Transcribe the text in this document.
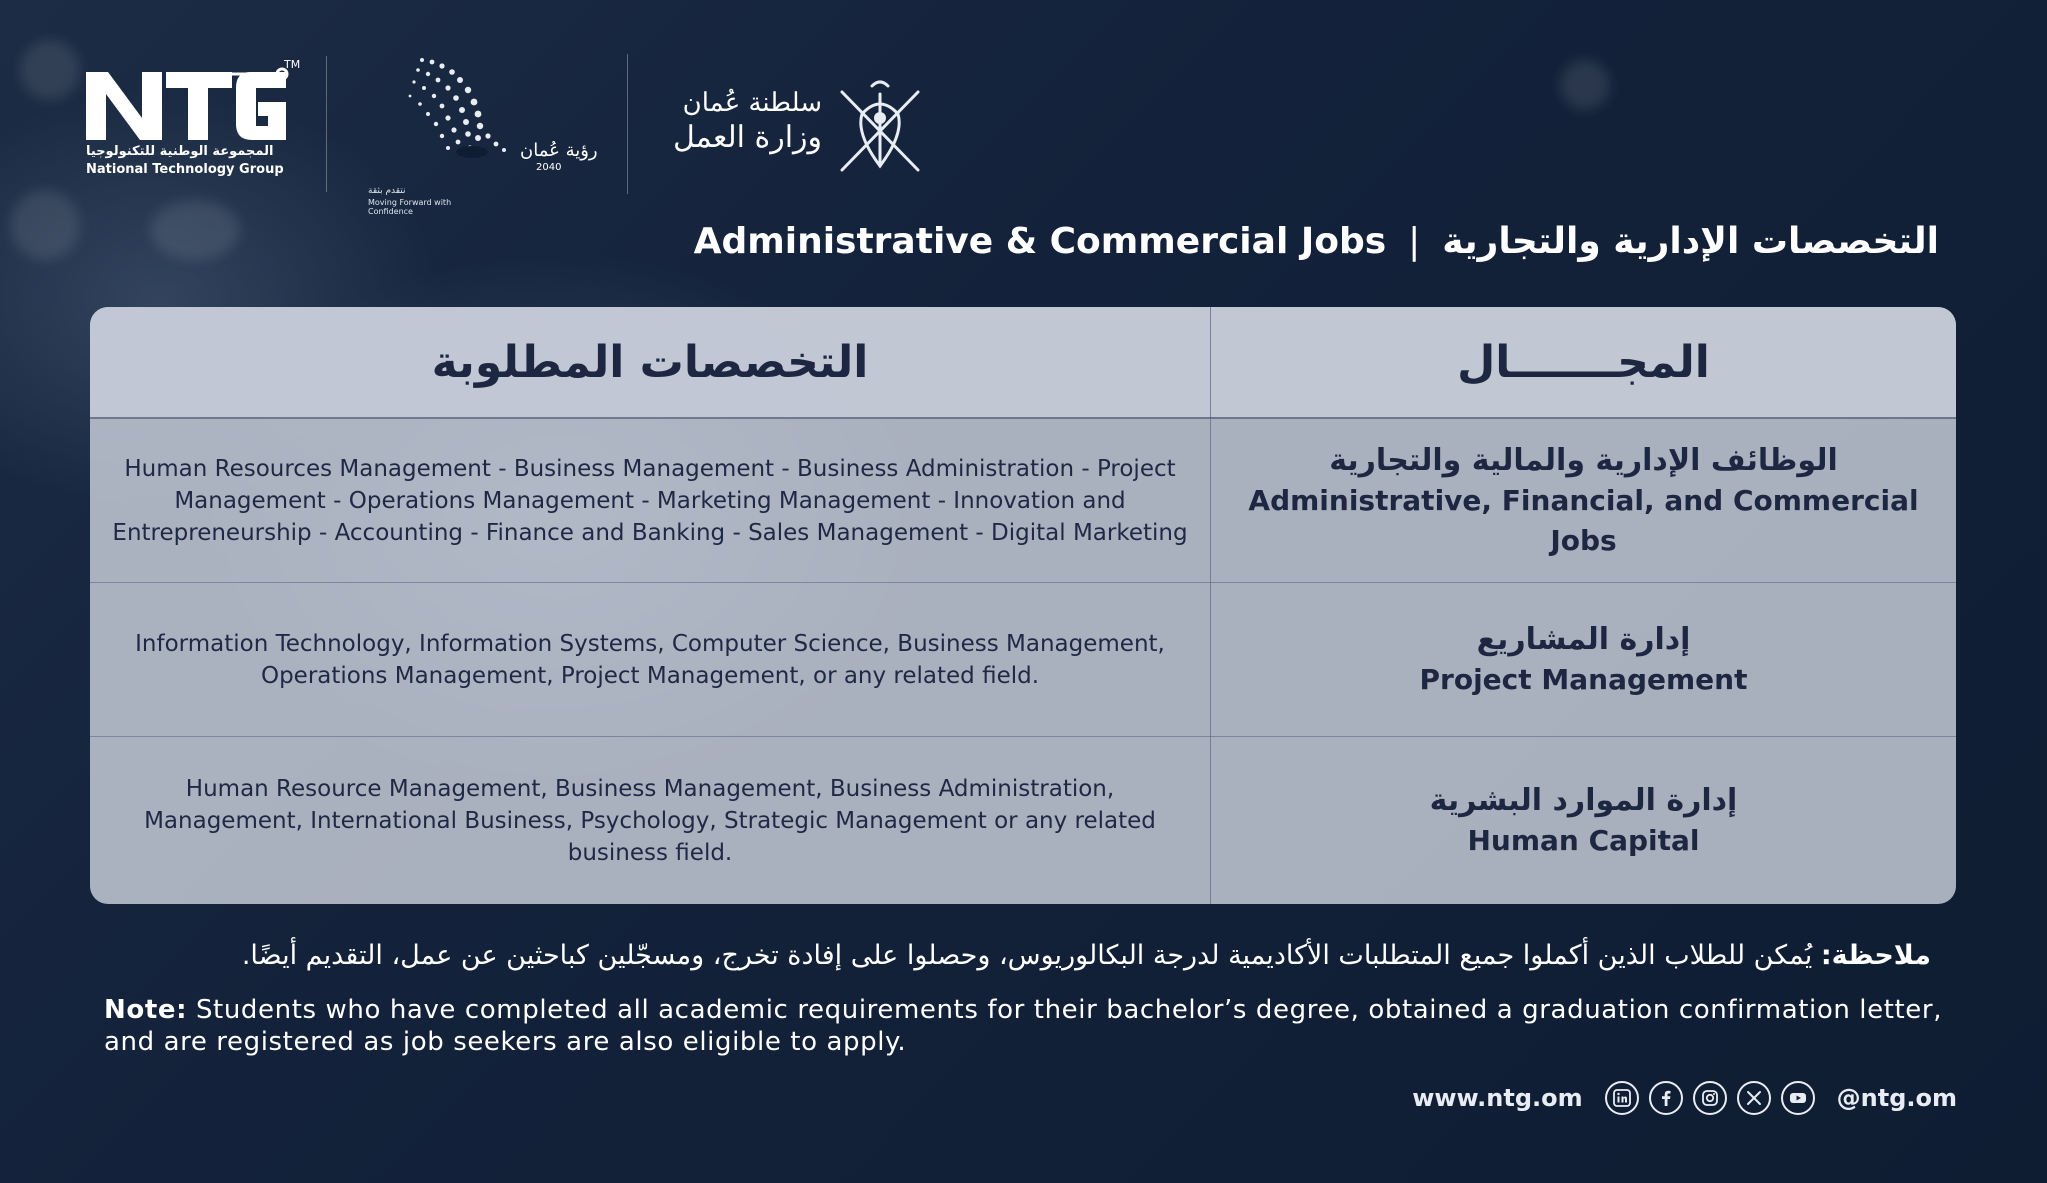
المجموعة الوطنية للتكنولوجيا
National Technology Group
TM
رؤية عُمان
2040
نتقدم بثقة
Moving Forward with Confidence
سلطنة عُمان
وزارة العمل
Administrative & Commercial Jobs | التخصصات الإدارية والتجارية
التخصصات المطلوبة	المجـــــــال
Human Resources Management - Business Management - Business Administration - Project Management - Operations Management - Marketing Management - Innovation and Entrepreneurship - Accounting - Finance and Banking - Sales Management - Digital Marketing
الوظائف الإدارية والمالية والتجارية
Administrative, Financial, and Commercial Jobs
Information Technology, Information Systems, Computer Science, Business Management, Operations Management, Project Management, or any related field.
إدارة المشاريع
Project Management
Human Resource Management, Business Management, Business Administration, Management, International Business, Psychology, Strategic Management or any related business field.
إدارة الموارد البشرية
Human Capital
ملاحظة: يُمكن للطلاب الذين أكملوا جميع المتطلبات الأكاديمية لدرجة البكالوريوس، وحصلوا على إفادة تخرج، ومسجّلين كباحثين عن عمل، التقديم أيضًا.
Note: Students who have completed all academic requirements for their bachelor’s degree, obtained a graduation confirmation letter, and are registered as job seekers are also eligible to apply.
www.ntg.om	@ntg.om
